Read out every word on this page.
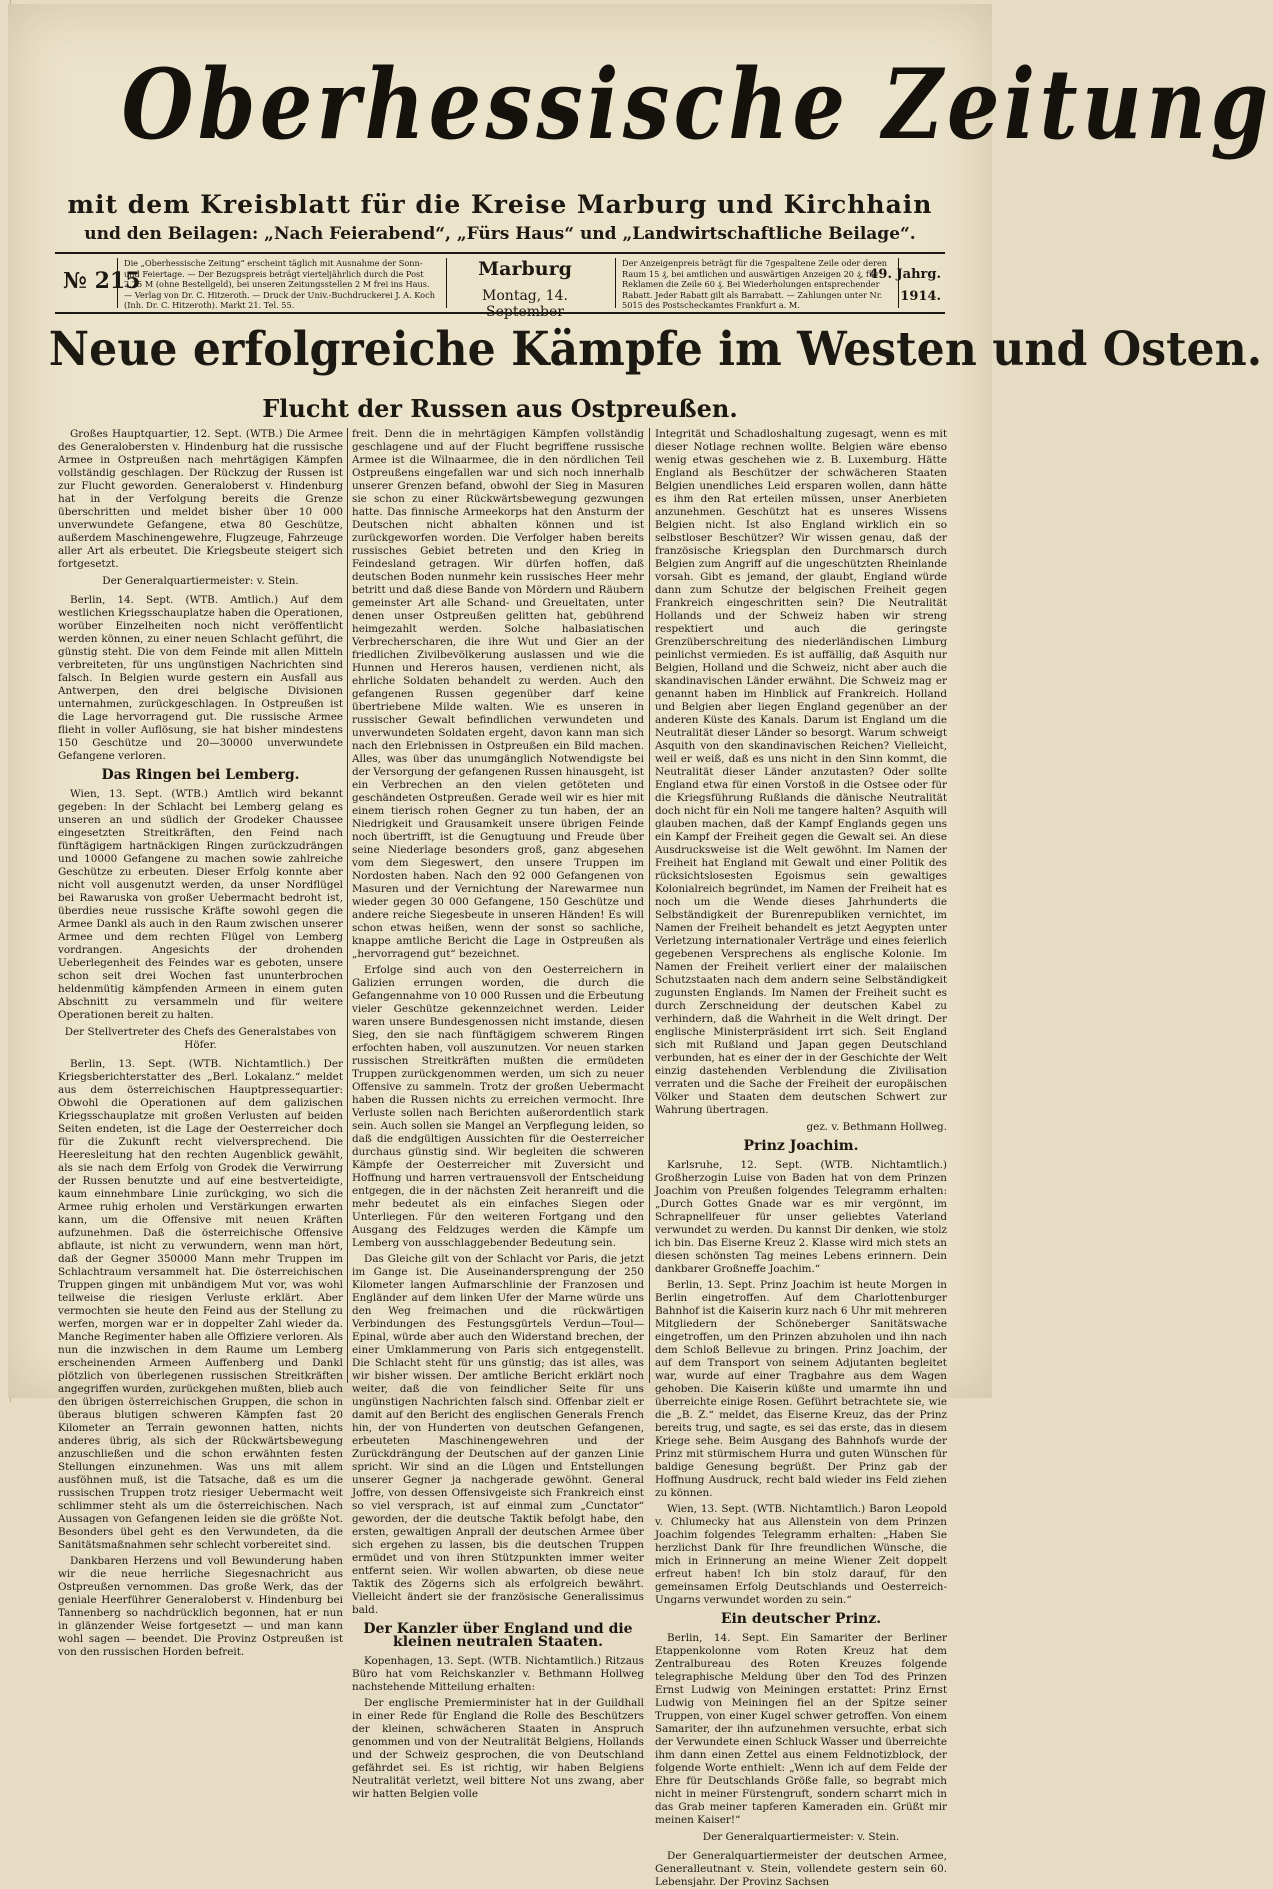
Oberhessische Zeitung
mit dem Kreisblatt für die Kreise Marburg und Kirchhain
und den Beilagen: „Nach Feierabend“, „Fürs Haus“ und „Landwirtschaftliche Beilage“.
№ 215
Die „Oberhessische Zeitung“ erscheint täglich mit Ausnahme der Sonn- und Feiertage. — Der Bezugspreis beträgt vierteljährlich durch die Post 2.25 M (ohne Bestellgeld), bei unseren Zeitungsstellen 2 M frei ins Haus. — Verlag von Dr. C. Hitzeroth. — Druck der Univ.-Buchdruckerei J. A. Koch (Inh. Dr. C. Hitzeroth). Markt 21. Tel. 55.
Marburg
Montag, 14. September
Der Anzeigenpreis beträgt für die 7gespaltene Zeile oder deren Raum 15 ₰, bei amtlichen und auswärtigen Anzeigen 20 ₰, für Reklamen die Zeile 60 ₰. Bei Wiederholungen entsprechender Rabatt. Jeder Rabatt gilt als Barrabatt. — Zahlungen unter Nr. 5015 des Postscheckamtes Frankfurt a. M.
49. Jahrg.
1914.
Neue erfolgreiche Kämpfe im Westen und Osten.
Flucht der Russen aus Ostpreußen.

Großes Hauptquartier, 12. Sept. (WTB.) Die Armee des Generalobersten v. Hindenburg hat die russische Armee in Ostpreußen nach mehrtägigen Kämpfen vollständig geschlagen. Der Rückzug der Russen ist zur Flucht geworden. Generaloberst v. Hindenburg hat in der Verfolgung bereits die Grenze überschritten und meldet bisher über 10 000 unverwundete Gefangene, etwa 80 Geschütze, außerdem Maschinengewehre, Flugzeuge, Fahrzeuge aller Art als erbeutet. Die Kriegsbeute steigert sich fortgesetzt.

Der Generalquartiermeister: v. Stein.

Berlin, 14. Sept. (WTB. Amtlich.) Auf dem westlichen Kriegsschauplatze haben die Operationen, worüber Einzelheiten noch nicht veröffentlicht werden können, zu einer neuen Schlacht geführt, die günstig steht. Die von dem Feinde mit allen Mitteln verbreiteten, für uns ungünstigen Nachrichten sind falsch. In Belgien wurde gestern ein Ausfall aus Antwerpen, den drei belgische Divisionen unternahmen, zurückgeschlagen. In Ostpreußen ist die Lage hervorragend gut. Die russische Armee flieht in voller Auflösung, sie hat bisher mindestens 150 Geschütze und 20—30000 unverwundete Gefangene verloren.

Das Ringen bei Lemberg.

Wien, 13. Sept. (WTB.) Amtlich wird bekannt gegeben: In der Schlacht bei Lemberg gelang es unseren an und südlich der Grodeker Chaussee eingesetzten Streitkräften, den Feind nach fünftägigem hartnäckigen Ringen zurückzudrängen und 10000 Gefangene zu machen sowie zahlreiche Geschütze zu erbeuten. Dieser Erfolg konnte aber nicht voll ausgenutzt werden, da unser Nordflügel bei Rawaruska von großer Uebermacht bedroht ist, überdies neue russische Kräfte sowohl gegen die Armee Dankl als auch in den Raum zwischen unserer Armee und dem rechten Flügel von Lemberg vordrangen. Angesichts der drohenden Ueberlegenheit des Feindes war es geboten, unsere schon seit drei Wochen fast ununterbrochen heldenmütig kämpfenden Armeen in einem guten Abschnitt zu versammeln und für weitere Operationen bereit zu halten.

Der Stellvertreter des Chefs des Generalstabes von Höfer.

Berlin, 13. Sept. (WTB. Nichtamtlich.) Der Kriegsberichterstatter des „Berl. Lokalanz.“ meldet aus dem österreichischen Hauptpressequartier: Obwohl die Operationen auf dem galizischen Kriegsschauplatze mit großen Verlusten auf beiden Seiten endeten, ist die Lage der Oesterreicher doch für die Zukunft recht vielversprechend. Die Heeresleitung hat den rechten Augenblick gewählt, als sie nach dem Erfolg von Grodek die Verwirrung der Russen benutzte und auf eine bestverteidigte, kaum einnehmbare Linie zurückging, wo sich die Armee ruhig erholen und Verstärkungen erwarten kann, um die Offensive mit neuen Kräften aufzunehmen. Daß die österreichische Offensive abflaute, ist nicht zu verwundern, wenn man hört, daß der Gegner 350000 Mann mehr Truppen im Schlachtraum versammelt hat. Die österreichischen Truppen gingen mit unbändigem Mut vor, was wohl teilweise die riesigen Verluste erklärt. Aber vermochten sie heute den Feind aus der Stellung zu werfen, morgen war er in doppelter Zahl wieder da. Manche Regimenter haben alle Offiziere verloren. Als nun die inzwischen in dem Raume um Lemberg erscheinenden Armeen Auffenberg und Dankl plötzlich von überlegenen russischen Streitkräften angegriffen wurden, zurückgehen mußten, blieb auch den übrigen österreichischen Gruppen, die schon in überaus blutigen schweren Kämpfen fast 20 Kilometer an Terrain gewonnen hatten, nichts anderes übrig, als sich der Rückwärtsbewegung anzuschließen und die schon erwähnten festen Stellungen einzunehmen. Was uns mit allem ausföhnen muß, ist die Tatsache, daß es um die russischen Truppen trotz riesiger Uebermacht weit schlimmer steht als um die österreichischen. Nach Aussagen von Gefangenen leiden sie die größte Not. Besonders übel geht es den Verwundeten, da die Sanitätsmaßnahmen sehr schlecht vorbereitet sind.

Dankbaren Herzens und voll Bewunderung haben wir die neue herrliche Siegesnachricht aus Ostpreußen vernommen. Das große Werk, das der geniale Heerführer Generaloberst v. Hindenburg bei Tannenberg so nachdrücklich begonnen, hat er nun in glänzender Weise fortgesetzt — und man kann wohl sagen — beendet. Die Provinz Ostpreußen ist von den russischen Horden befreit.

freit. Denn die in mehrtägigen Kämpfen vollständig geschlagene und auf der Flucht begriffene russische Armee ist die Wilnaarmee, die in den nördlichen Teil Ostpreußens eingefallen war und sich noch innerhalb unserer Grenzen befand, obwohl der Sieg in Masuren sie schon zu einer Rückwärtsbewegung gezwungen hatte. Das finnische Armeekorps hat den Ansturm der Deutschen nicht abhalten können und ist zurückgeworfen worden. Die Verfolger haben bereits russisches Gebiet betreten und den Krieg in Feindesland getragen. Wir dürfen hoffen, daß deutschen Boden nunmehr kein russisches Heer mehr betritt und daß diese Bande von Mördern und Räubern gemeinster Art alle Schand- und Greueltaten, unter denen unser Ostpreußen gelitten hat, gebührend heimgezahlt werden. Solche halbasiatischen Verbrecherscharen, die ihre Wut und Gier an der friedlichen Zivilbevölkerung auslassen und wie die Hunnen und Hereros hausen, verdienen nicht, als ehrliche Soldaten behandelt zu werden. Auch den gefangenen Russen gegenüber darf keine übertriebene Milde walten. Wie es unseren in russischer Gewalt befindlichen verwundeten und unverwundeten Soldaten ergeht, davon kann man sich nach den Erlebnissen in Ostpreußen ein Bild machen. Alles, was über das unumgänglich Notwendigste bei der Versorgung der gefangenen Russen hinausgeht, ist ein Verbrechen an den vielen getöteten und geschändeten Ostpreußen. Gerade weil wir es hier mit einem tierisch rohen Gegner zu tun haben, der an Niedrigkeit und Grausamkeit unsere übrigen Feinde noch übertrifft, ist die Genugtuung und Freude über seine Niederlage besonders groß, ganz abgesehen vom dem Siegeswert, den unsere Truppen im Nordosten haben. Nach den 92 000 Gefangenen von Masuren und der Vernichtung der Narewarmee nun wieder gegen 30 000 Gefangene, 150 Geschütze und andere reiche Siegesbeute in unseren Händen! Es will schon etwas heißen, wenn der sonst so sachliche, knappe amtliche Bericht die Lage in Ostpreußen als „hervorragend gut“ bezeichnet.

Erfolge sind auch von den Oesterreichern in Galizien errungen worden, die durch die Gefangennahme von 10 000 Russen und die Erbeutung vieler Geschütze gekennzeichnet werden. Leider waren unsere Bundesgenossen nicht imstande, diesen Sieg, den sie nach fünftägigem schwerem Ringen erfochten haben, voll auszunutzen. Vor neuen starken russischen Streitkräften mußten die ermüdeten Truppen zurückgenommen werden, um sich zu neuer Offensive zu sammeln. Trotz der großen Uebermacht haben die Russen nichts zu erreichen vermocht. Ihre Verluste sollen nach Berichten außerordentlich stark sein. Auch sollen sie Mangel an Verpflegung leiden, so daß die endgültigen Aussichten für die Oesterreicher durchaus günstig sind. Wir begleiten die schweren Kämpfe der Oesterreicher mit Zuversicht und Hoffnung und harren vertrauensvoll der Entscheidung entgegen, die in der nächsten Zeit heranreift und die mehr bedeutet als ein einfaches Siegen oder Unterliegen. Für den weiteren Fortgang und den Ausgang des Feldzuges werden die Kämpfe um Lemberg von ausschlaggebender Bedeutung sein.

Das Gleiche gilt von der Schlacht vor Paris, die jetzt im Gange ist. Die Auseinandersprengung der 250 Kilometer langen Aufmarschlinie der Franzosen und Engländer auf dem linken Ufer der Marne würde uns den Weg freimachen und die rückwärtigen Verbindungen des Festungsgürtels Verdun—Toul—Epinal, würde aber auch den Widerstand brechen, der einer Umklammerung von Paris sich entgegenstellt. Die Schlacht steht für uns günstig; das ist alles, was wir bisher wissen. Der amtliche Bericht erklärt noch weiter, daß die von feindlicher Seite für uns ungünstigen Nachrichten falsch sind. Offenbar zielt er damit auf den Bericht des englischen Generals French hin, der von Hunderten von deutschen Gefangenen, erbeuteten Maschinengewehren und der Zurückdrängung der Deutschen auf der ganzen Linie spricht. Wir sind an die Lügen und Entstellungen unserer Gegner ja nachgerade gewöhnt. General Joffre, von dessen Offensivgeiste sich Frankreich einst so viel versprach, ist auf einmal zum „Cunctator“ geworden, der die deutsche Taktik befolgt habe, den ersten, gewaltigen Anprall der deutschen Armee über sich ergehen zu lassen, bis die deutschen Truppen ermüdet und von ihren Stützpunkten immer weiter entfernt seien. Wir wollen abwarten, ob diese neue Taktik des Zögerns sich als erfolgreich bewährt. Vielleicht ändert sie der französische Generalissimus bald.

Der Kanzler über England und die kleinen neutralen Staaten.

Kopenhagen, 13. Sept. (WTB. Nichtamtlich.) Ritzaus Büro hat vom Reichskanzler v. Bethmann Hollweg nachstehende Mitteilung erhalten:

Der englische Premierminister hat in der Guildhall in einer Rede für England die Rolle des Beschützers der kleinen, schwächeren Staaten in Anspruch genommen und von der Neutralität Belgiens, Hollands und der Schweiz gesprochen, die von Deutschland gefährdet sei. Es ist richtig, wir haben Belgiens Neutralität verletzt, weil bittere Not uns zwang, aber wir hatten Belgien volle

Integrität und Schadloshaltung zugesagt, wenn es mit dieser Notlage rechnen wollte. Belgien wäre ebenso wenig etwas geschehen wie z. B. Luxemburg. Hätte England als Beschützer der schwächeren Staaten Belgien unendliches Leid ersparen wollen, dann hätte es ihm den Rat erteilen müssen, unser Anerbieten anzunehmen. Geschützt hat es unseres Wissens Belgien nicht. Ist also England wirklich ein so selbstloser Beschützer? Wir wissen genau, daß der französische Kriegsplan den Durchmarsch durch Belgien zum Angriff auf die ungeschützten Rheinlande vorsah. Gibt es jemand, der glaubt, England würde dann zum Schutze der belgischen Freiheit gegen Frankreich eingeschritten sein? Die Neutralität Hollands und der Schweiz haben wir streng respektiert und auch die geringste Grenzüberschreitung des niederländischen Limburg peinlichst vermieden. Es ist auffällig, daß Asquith nur Belgien, Holland und die Schweiz, nicht aber auch die skandinavischen Länder erwähnt. Die Schweiz mag er genannt haben im Hinblick auf Frankreich. Holland und Belgien aber liegen England gegenüber an der anderen Küste des Kanals. Darum ist England um die Neutralität dieser Länder so besorgt. Warum schweigt Asquith von den skandinavischen Reichen? Vielleicht, weil er weiß, daß es uns nicht in den Sinn kommt, die Neutralität dieser Länder anzutasten? Oder sollte England etwa für einen Vorstoß in die Ostsee oder für die Kriegsführung Rußlands die dänische Neutralität doch nicht für ein Noli me tangere halten? Asquith will glauben machen, daß der Kampf Englands gegen uns ein Kampf der Freiheit gegen die Gewalt sei. An diese Ausdrucksweise ist die Welt gewöhnt. Im Namen der Freiheit hat England mit Gewalt und einer Politik des rücksichtslosesten Egoismus sein gewaltiges Kolonialreich begründet, im Namen der Freiheit hat es noch um die Wende dieses Jahrhunderts die Selbständigkeit der Burenrepubliken vernichtet, im Namen der Freiheit behandelt es jetzt Aegypten unter Verletzung internationaler Verträge und eines feierlich gegebenen Versprechens als englische Kolonie. Im Namen der Freiheit verliert einer der malaiischen Schutzstaaten nach dem andern seine Selbständigkeit zugunsten Englands. Im Namen der Freiheit sucht es durch Zerschneidung der deutschen Kabel zu verhindern, daß die Wahrheit in die Welt dringt. Der englische Ministerpräsident irrt sich. Seit England sich mit Rußland und Japan gegen Deutschland verbunden, hat es einer der in der Geschichte der Welt einzig dastehenden Verblendung die Zivilisation verraten und die Sache der Freiheit der europäischen Völker und Staaten dem deutschen Schwert zur Wahrung übertragen.

gez. v. Bethmann Hollweg.
Prinz Joachim.

Karlsruhe, 12. Sept. (WTB. Nichtamtlich.) Großherzogin Luise von Baden hat von dem Prinzen Joachim von Preußen folgendes Telegramm erhalten: „Durch Gottes Gnade war es mir vergönnt, im Schrapnellfeuer für unser geliebtes Vaterland verwundet zu werden. Du kannst Dir denken, wie stolz ich bin. Das Eiserne Kreuz 2. Klasse wird mich stets an diesen schönsten Tag meines Lebens erinnern. Dein dankbarer Großneffe Joachim.“

Berlin, 13. Sept. Prinz Joachim ist heute Morgen in Berlin eingetroffen. Auf dem Charlottenburger Bahnhof ist die Kaiserin kurz nach 6 Uhr mit mehreren Mitgliedern der Schöneberger Sanitätswache eingetroffen, um den Prinzen abzuholen und ihn nach dem Schloß Bellevue zu bringen. Prinz Joachim, der auf dem Transport von seinem Adjutanten begleitet war, wurde auf einer Tragbahre aus dem Wagen gehoben. Die Kaiserin küßte und umarmte ihn und überreichte einige Rosen. Geführt betrachtete sie, wie die „B. Z.“ meldet, das Eiserne Kreuz, das der Prinz bereits trug, und sagte, es sei das erste, das in diesem Kriege sehe. Beim Ausgang des Bahnhofs wurde der Prinz mit stürmischem Hurra und guten Wünschen für baldige Genesung begrüßt. Der Prinz gab der Hoffnung Ausdruck, recht bald wieder ins Feld ziehen zu können.

Wien, 13. Sept. (WTB. Nichtamtlich.) Baron Leopold v. Chlumecky hat aus Allenstein von dem Prinzen Joachim folgendes Telegramm erhalten: „Haben Sie herzlichst Dank für Ihre freundlichen Wünsche, die mich in Erinnerung an meine Wiener Zeit doppelt erfreut haben! Ich bin stolz darauf, für den gemeinsamen Erfolg Deutschlands und Oesterreich-Ungarns verwundet worden zu sein.“

Ein deutscher Prinz.

Berlin, 14. Sept. Ein Samariter der Berliner Etappenkolonne vom Roten Kreuz hat dem Zentralbureau des Roten Kreuzes folgende telegraphische Meldung über den Tod des Prinzen Ernst Ludwig von Meiningen erstattet: Prinz Ernst Ludwig von Meiningen fiel an der Spitze seiner Truppen, von einer Kugel schwer getroffen. Von einem Samariter, der ihn aufzunehmen versuchte, erbat sich der Verwundete einen Schluck Wasser und überreichte ihm dann einen Zettel aus einem Feldnotizblock, der folgende Worte enthielt: „Wenn ich auf dem Felde der Ehre für Deutschlands Größe falle, so begrabt mich nicht in meiner Fürstengruft, sondern scharrt mich in das Grab meiner tapferen Kameraden ein. Grüßt mir meinen Kaiser!“

Der Generalquartiermeister: v. Stein.

Der Generalquartiermeister der deutschen Armee, Generalleutnant v. Stein, vollendete gestern sein 60. Lebensjahr. Der Provinz Sachsen
